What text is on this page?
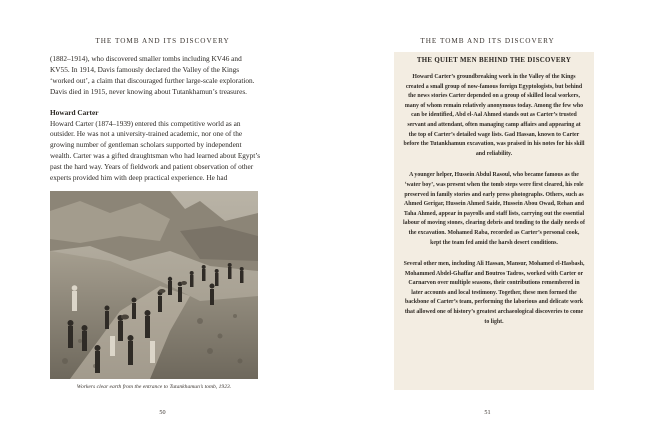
THE TOMB AND ITS DISCOVERY

(1882–1914), who discovered smaller tombs including KV46 and KV55. In 1914, Davis famously declared the Valley of the Kings ‘worked out’, a claim that discouraged further large-scale exploration. Davis died in 1915, never knowing about Tutankhamun’s treasures.

Howard Carter

Howard Carter (1874–1939) entered this competitive world as an outsider. He was not a university-trained academic, nor one of the growing number of gentleman scholars supported by independent wealth. Carter was a gifted draughtsman who had learned about Egypt’s past the hard way. Years of fieldwork and patient observation of other experts provided him with deep practical experience. He had

Workers clear earth from the entrance to Tutankhamun’s tomb, 1923.
50
THE TOMB AND ITS DISCOVERY
THE QUIET MEN BEHIND THE DISCOVERY

Howard Carter’s groundbreaking work in the Valley of the Kings created a small group of now-famous foreign Egyptologists, but behind the news stories Carter depended on a group of skilled local workers, many of whom remain relatively anonymous today. Among the few who can be identified, Abd el-Aal Ahmed stands out as Carter’s trusted servant and attendant, often managing camp affairs and appearing at the top of Carter’s detailed wage lists. Gad Hassan, known to Carter before the Tutankhamun excavation, was praised in his notes for his skill and reliability.

A younger helper, Hussein Abdul Rasoul, who became famous as the ‘water boy’, was present when the tomb steps were first cleared, his role preserved in family stories and early press photographs. Others, such as Ahmed Gerigar, Hussein Ahmed Saide, Hussein Abou Owad, Rehan and Taha Ahmed, appear in payrolls and staff lists, carrying out the essential labour of moving stones, clearing debris and tending to the daily needs of the excavation. Mohamed Raba, recorded as Carter’s personal cook, kept the team fed amid the harsh desert conditions.

Several other men, including Ali Hassan, Mansur, Mohamed el-Hasbash, Mohammed Abdel-Ghaffar and Boutros Tadros, worked with Carter or Carnarvon over multiple seasons, their contributions remembered in later accounts and local testimony. Together, these men formed the backbone of Carter’s team, performing the laborious and delicate work that allowed one of history’s greatest archaeological discoveries to come to light.

51
